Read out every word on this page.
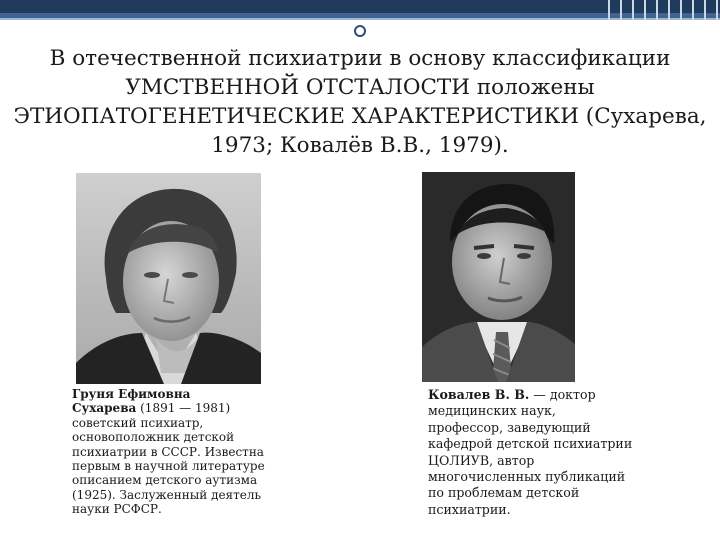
В отечественной психиатрии в основу классификации
УМСТВЕННОЙ ОТСТАЛОСТИ положены
ЭТИОПАТОГЕНЕТИЧЕСКИЕ ХАРАКТЕРИСТИКИ (Сухарева,
1973; Ковалёв В.В., 1979).
Груня Ефимовна
Сухарева (1891 — 1981)
советский психиатр,
основоположник детской
психиатрии в СССР. Известна
первым в научной литературе
описанием детского аутизма
(1925). Заслуженный деятель
науки РСФСР.
Ковалев В. В. — доктор
медицинских наук,
профессор, заведующий
кафедрой детской психиатрии
ЦОЛИУВ, автор
многочисленных публикаций
по проблемам детской
психиатрии.
